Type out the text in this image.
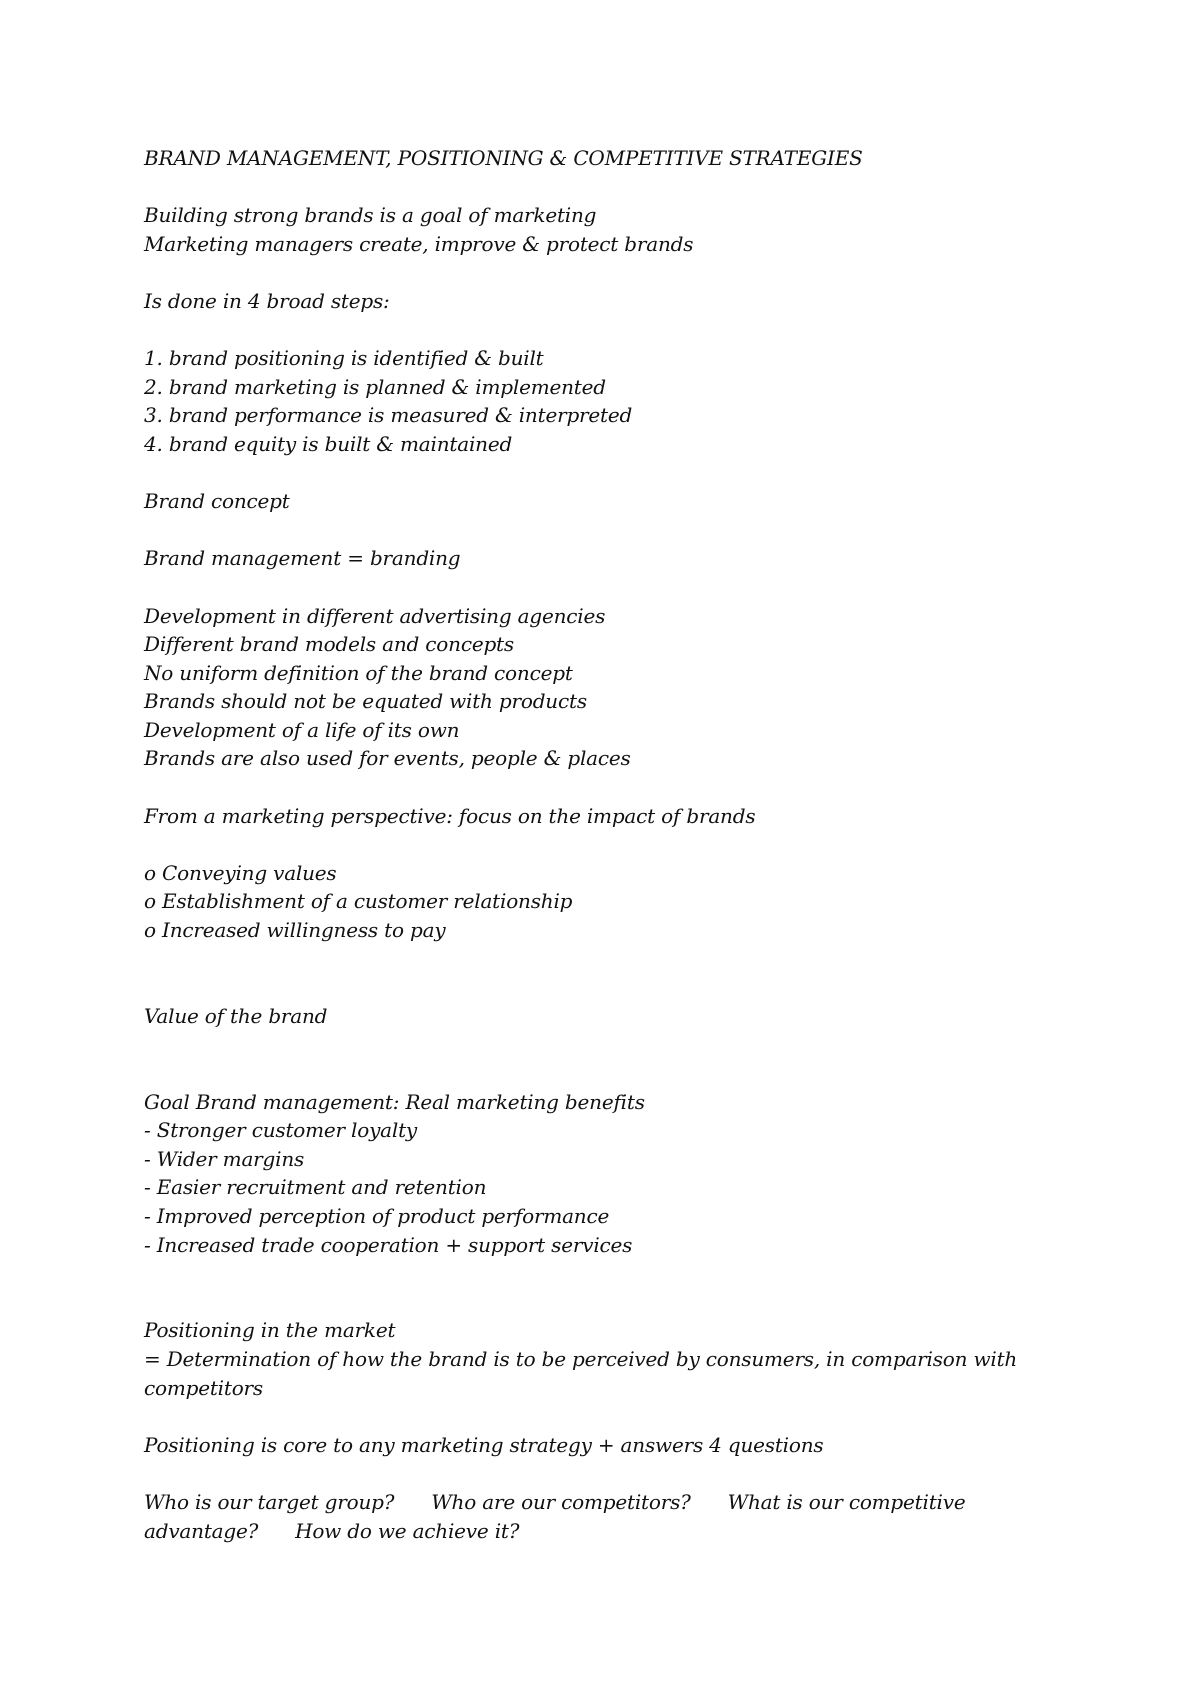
BRAND MANAGEMENT, POSITIONING & COMPETITIVE STRATEGIES
Building strong brands is a goal of marketing
Marketing managers create, improve & protect brands
Is done in 4 broad steps:
1. brand positioning is identified & built
2. brand marketing is planned & implemented
3. brand performance is measured & interpreted
4. brand equity is built & maintained
Brand concept
Brand management = branding
Development in different advertising agencies
Different brand models and concepts
No uniform definition of the brand concept
Brands should not be equated with products
Development of a life of its own
Brands are also used for events, people & places
From a marketing perspective: focus on the impact of brands
o Conveying values
o Establishment of a customer relationship
o Increased willingness to pay
Value of the brand
Goal Brand management: Real marketing benefits
- Stronger customer loyalty
- Wider margins
- Easier recruitment and retention
- Improved perception of product performance
- Increased trade cooperation + support services
Positioning in the market
= Determination of how the brand is to be perceived by consumers, in comparison with competitors
Positioning is core to any marketing strategy + answers 4 questions
Who is our target group?      Who are our competitors?      What is our competitive advantage?      How do we achieve it?
